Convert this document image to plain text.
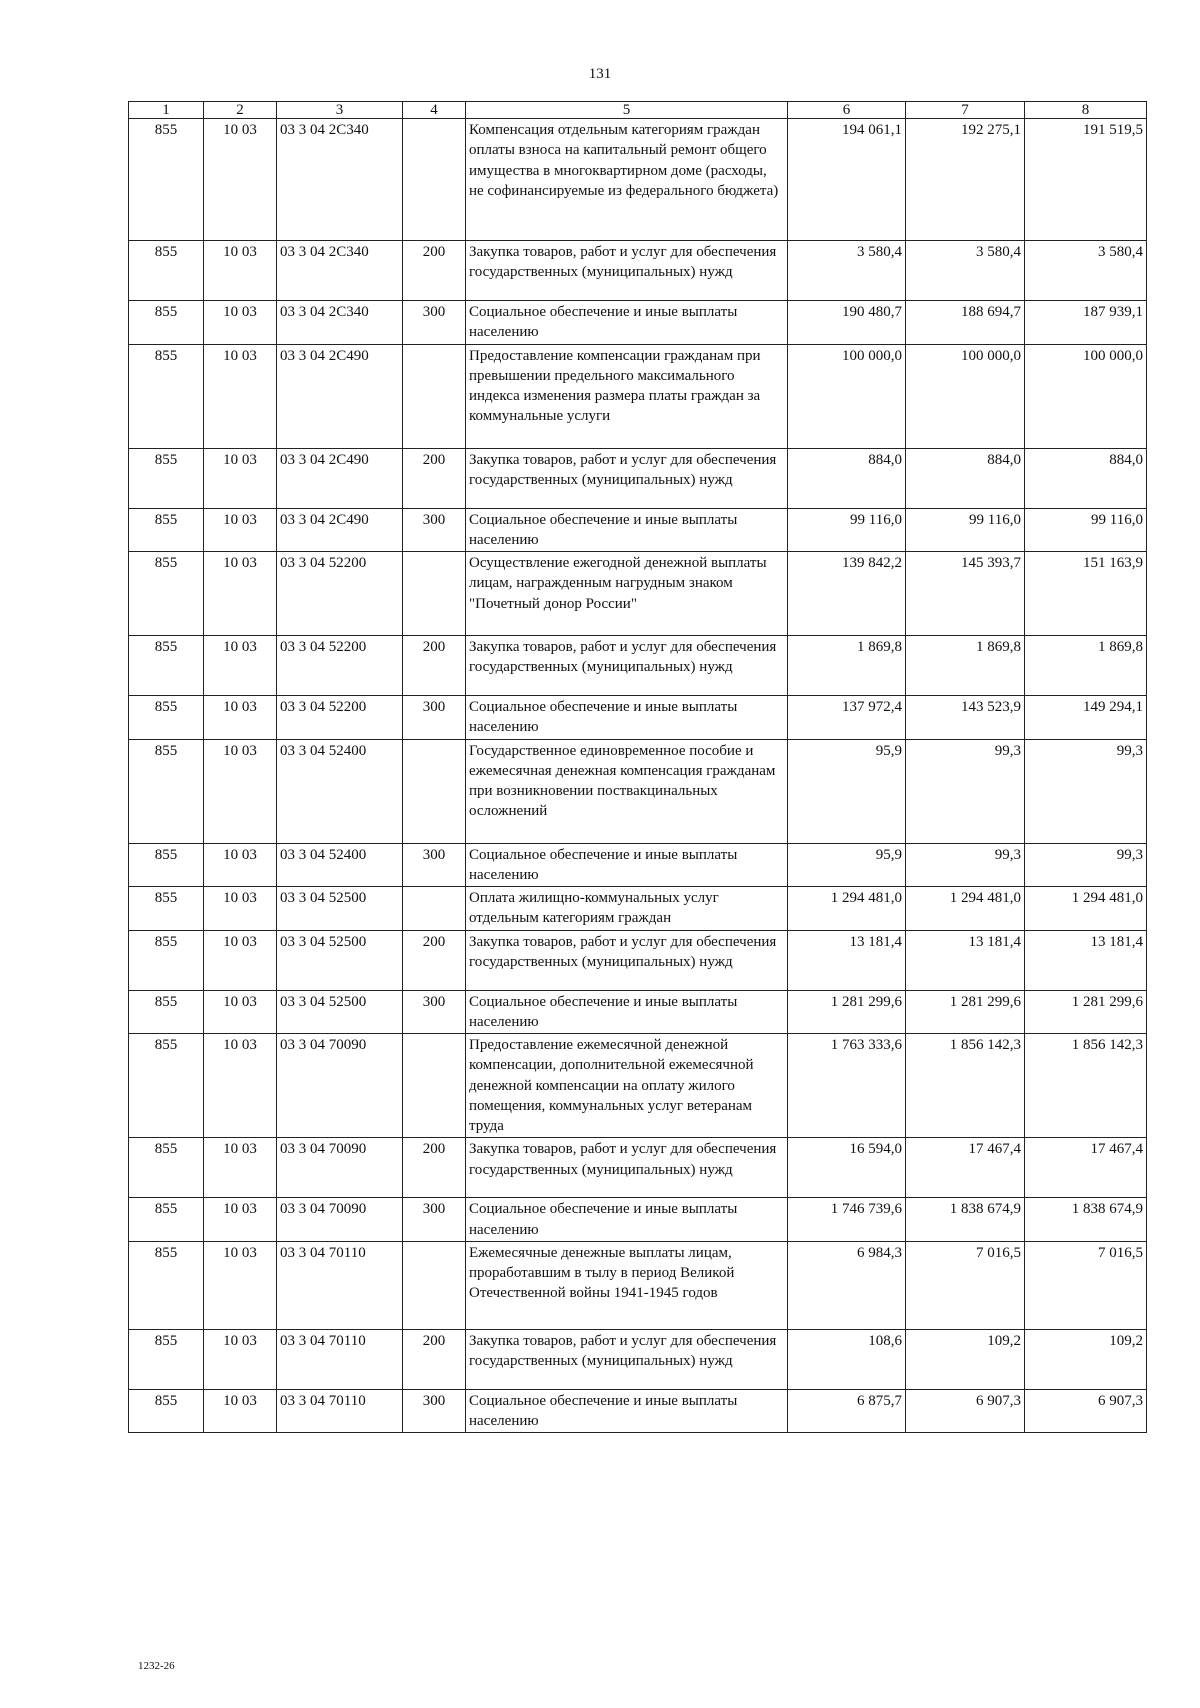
131
1	2	3	4	5	6	7	8
855	10 03	03 3 04 2C340		Компенсация отдельным категориям граждан оплаты взноса на капитальный ремонт общего имущества в многоквартирном доме (расходы, не софинансируемые из федерального бюджета)	194 061,1	192 275,1	191 519,5
855	10 03	03 3 04 2C340	200	Закупка товаров, работ и услуг для обеспечения государственных (муниципальных) нужд	3 580,4	3 580,4	3 580,4
855	10 03	03 3 04 2C340	300	Социальное обеспечение и иные выплаты населению	190 480,7	188 694,7	187 939,1
855	10 03	03 3 04 2C490		Предоставление компенсации гражданам при превышении предельного максимального индекса изменения размера платы граждан за коммунальные услуги	100 000,0	100 000,0	100 000,0
855	10 03	03 3 04 2C490	200	Закупка товаров, работ и услуг для обеспечения государственных (муниципальных) нужд	884,0	884,0	884,0
855	10 03	03 3 04 2C490	300	Социальное обеспечение и иные выплаты населению	99 116,0	99 116,0	99 116,0
855	10 03	03 3 04 52200		Осуществление ежегодной денежной выплаты лицам, награжденным нагрудным знаком "Почетный донор России"	139 842,2	145 393,7	151 163,9
855	10 03	03 3 04 52200	200	Закупка товаров, работ и услуг для обеспечения государственных (муниципальных) нужд	1 869,8	1 869,8	1 869,8
855	10 03	03 3 04 52200	300	Социальное обеспечение и иные выплаты населению	137 972,4	143 523,9	149 294,1
855	10 03	03 3 04 52400		Государственное единовременное пособие и ежемесячная денежная компенсация гражданам при возникновении поствакцинальных осложнений	95,9	99,3	99,3
855	10 03	03 3 04 52400	300	Социальное обеспечение и иные выплаты населению	95,9	99,3	99,3
855	10 03	03 3 04 52500		Оплата жилищно-коммунальных услуг отдельным категориям граждан	1 294 481,0	1 294 481,0	1 294 481,0
855	10 03	03 3 04 52500	200	Закупка товаров, работ и услуг для обеспечения государственных (муниципальных) нужд	13 181,4	13 181,4	13 181,4
855	10 03	03 3 04 52500	300	Социальное обеспечение и иные выплаты населению	1 281 299,6	1 281 299,6	1 281 299,6
855	10 03	03 3 04 70090		Предоставление ежемесячной денежной компенсации, дополнительной ежемесячной денежной компенсации на оплату жилого помещения, коммунальных услуг ветеранам труда	1 763 333,6	1 856 142,3	1 856 142,3
855	10 03	03 3 04 70090	200	Закупка товаров, работ и услуг для обеспечения государственных (муниципальных) нужд	16 594,0	17 467,4	17 467,4
855	10 03	03 3 04 70090	300	Социальное обеспечение и иные выплаты населению	1 746 739,6	1 838 674,9	1 838 674,9
855	10 03	03 3 04 70110		Ежемесячные денежные выплаты лицам, проработавшим в тылу в период Великой Отечественной войны 1941-1945 годов	6 984,3	7 016,5	7 016,5
855	10 03	03 3 04 70110	200	Закупка товаров, работ и услуг для обеспечения государственных (муниципальных) нужд	108,6	109,2	109,2
855	10 03	03 3 04 70110	300	Социальное обеспечение и иные выплаты населению	6 875,7	6 907,3	6 907,3
1232-26
